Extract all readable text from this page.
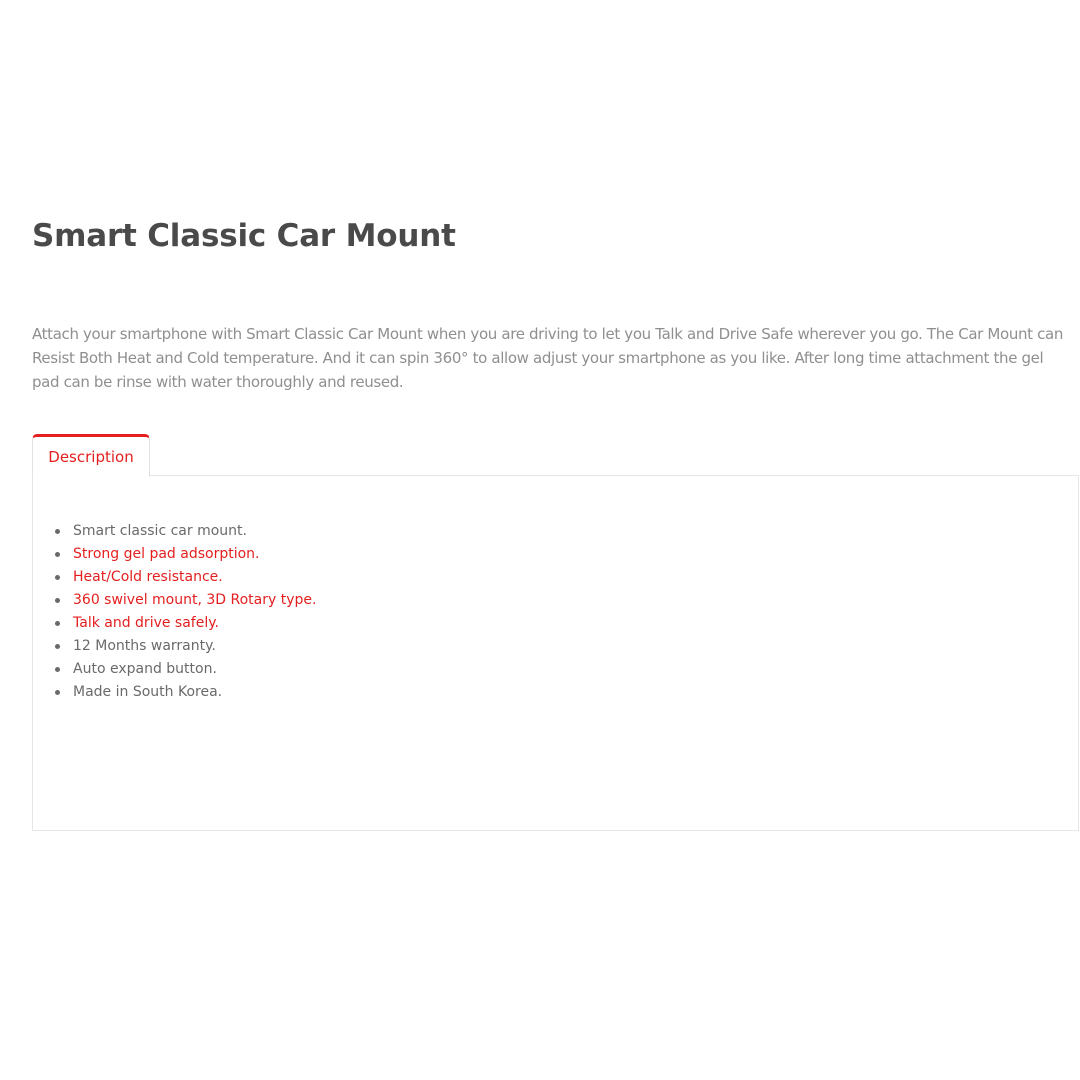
Smart Classic Car Mount

Attach your smartphone with Smart Classic Car Mount when you are driving to let you Talk and Drive Safe wherever you go. The Car Mount can Resist Both Heat and Cold temperature. And it can spin 360° to allow adjust your smartphone as you like. After long time attachment the gel pad can be rinse with water thoroughly and reused.

Description
Smart classic car mount.
Strong gel pad adsorption.
Heat/Cold resistance.
360 swivel mount, 3D Rotary type.
Talk and drive safely.
12 Months warranty.
Auto expand button.
Made in South Korea.
